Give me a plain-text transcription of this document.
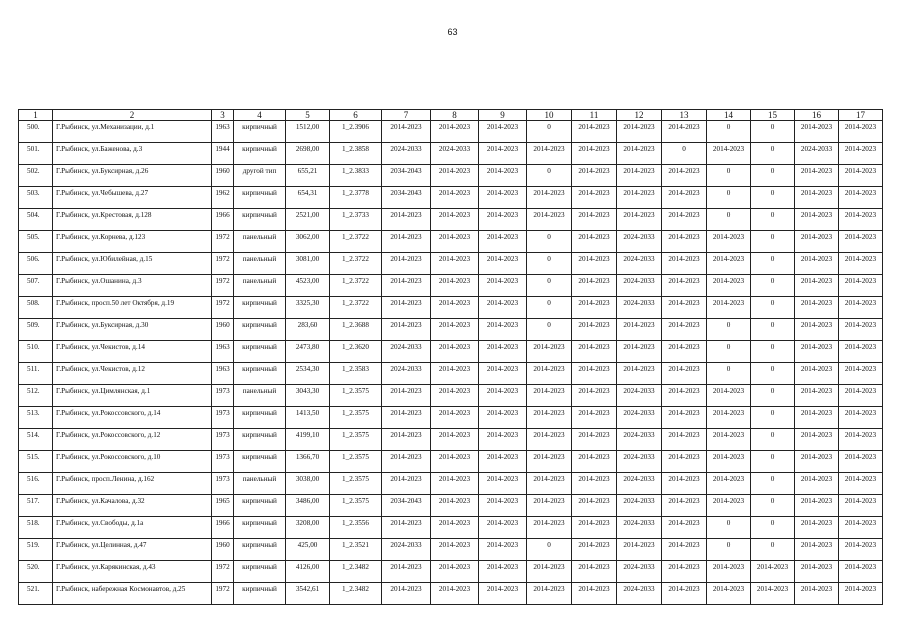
63
1	2	3	4	5	6	7	8	9	10	11	12	13	14	15	16	17
500.	Г.Рыбинск, ул.Механизации, д.1	1963	кирпичный	1512,00	1_2.3906	2014-2023	2014-2023	2014-2023	0	2014-2023	2014-2023	2014-2023	0	0	2014-2023	2014-2023
501.	Г.Рыбинск, ул.Баженова, д.3	1944	кирпичный	2698,00	1_2.3858	2024-2033	2024-2033	2014-2023	2014-2023	2014-2023	2014-2023	0	2014-2023	0	2024-2033	2014-2023
502.	Г.Рыбинск, ул.Буксирная, д.26	1960	другой тип	655,21	1_2.3833	2034-2043	2014-2023	2014-2023	0	2014-2023	2014-2023	2014-2023	0	0	2014-2023	2014-2023
503.	Г.Рыбинск, ул.Чебышева, д.27	1962	кирпичный	654,31	1_2.3778	2034-2043	2014-2023	2014-2023	2014-2023	2014-2023	2014-2023	2014-2023	0	0	2014-2023	2014-2023
504.	Г.Рыбинск, ул.Крестовая, д.128	1966	кирпичный	2521,00	1_2.3733	2014-2023	2014-2023	2014-2023	2014-2023	2014-2023	2014-2023	2014-2023	0	0	2014-2023	2014-2023
505.	Г.Рыбинск, ул.Корнева, д.123	1972	панельный	3062,00	1_2.3722	2014-2023	2014-2023	2014-2023	0	2014-2023	2024-2033	2014-2023	2014-2023	0	2014-2023	2014-2023
506.	Г.Рыбинск, ул.Юбилейная, д.15	1972	панельный	3081,00	1_2.3722	2014-2023	2014-2023	2014-2023	0	2014-2023	2024-2033	2014-2023	2014-2023	0	2014-2023	2014-2023
507.	Г.Рыбинск, ул.Ошанина, д.3	1972	панельный	4523,00	1_2.3722	2014-2023	2014-2023	2014-2023	0	2014-2023	2024-2033	2014-2023	2014-2023	0	2014-2023	2014-2023
508.	Г.Рыбинск, просп.50 лет Октября, д.19	1972	кирпичный	3325,30	1_2.3722	2014-2023	2014-2023	2014-2023	0	2014-2023	2024-2033	2014-2023	2014-2023	0	2014-2023	2014-2023
509.	Г.Рыбинск, ул.Буксирная, д.30	1960	кирпичный	283,60	1_2.3688	2014-2023	2014-2023	2014-2023	0	2014-2023	2014-2023	2014-2023	0	0	2014-2023	2014-2023
510.	Г.Рыбинск, ул.Чекистов, д.14	1963	кирпичный	2473,80	1_2.3620	2024-2033	2014-2023	2014-2023	2014-2023	2014-2023	2014-2023	2014-2023	0	0	2014-2023	2014-2023
511.	Г.Рыбинск, ул.Чекистов, д.12	1963	кирпичный	2534,30	1_2.3583	2024-2033	2014-2023	2014-2023	2014-2023	2014-2023	2014-2023	2014-2023	0	0	2014-2023	2014-2023
512.	Г.Рыбинск, ул.Цимлянская, д.1	1973	панельный	3043,30	1_2.3575	2014-2023	2014-2023	2014-2023	2014-2023	2014-2023	2024-2033	2014-2023	2014-2023	0	2014-2023	2014-2023
513.	Г.Рыбинск, ул.Рокоссовского, д.14	1973	кирпичный	1413,50	1_2.3575	2014-2023	2014-2023	2014-2023	2014-2023	2014-2023	2024-2033	2014-2023	2014-2023	0	2014-2023	2014-2023
514.	Г.Рыбинск, ул.Рокоссовского, д.12	1973	кирпичный	4199,10	1_2.3575	2014-2023	2014-2023	2014-2023	2014-2023	2014-2023	2024-2033	2014-2023	2014-2023	0	2014-2023	2014-2023
515.	Г.Рыбинск, ул.Рокоссовского, д.10	1973	кирпичный	1366,70	1_2.3575	2014-2023	2014-2023	2014-2023	2014-2023	2014-2023	2024-2033	2014-2023	2014-2023	0	2014-2023	2014-2023
516.	Г.Рыбинск, просп.Ленина, д.162	1973	панельный	3038,00	1_2.3575	2014-2023	2014-2023	2014-2023	2014-2023	2014-2023	2024-2033	2014-2023	2014-2023	0	2014-2023	2014-2023
517.	Г.Рыбинск, ул.Качалова, д.32	1965	кирпичный	3486,00	1_2.3575	2034-2043	2014-2023	2014-2023	2014-2023	2014-2023	2024-2033	2014-2023	2014-2023	0	2014-2023	2014-2023
518.	Г.Рыбинск, ул.Свободы, д.1а	1966	кирпичный	3208,00	1_2.3556	2014-2023	2014-2023	2014-2023	2014-2023	2014-2023	2024-2033	2014-2023	0	0	2014-2023	2014-2023
519.	Г.Рыбинск, ул.Целинная, д.47	1960	кирпичный	425,00	1_2.3521	2024-2033	2014-2023	2014-2023	0	2014-2023	2014-2023	2014-2023	0	0	2014-2023	2014-2023
520.	Г.Рыбинск, ул.Карякинская, д.43	1972	кирпичный	4126,00	1_2.3482	2014-2023	2014-2023	2014-2023	2014-2023	2014-2023	2024-2033	2014-2023	2014-2023	2014-2023	2014-2023	2014-2023
521.	Г.Рыбинск, набережная Космонавтов, д.25	1972	кирпичный	3542,61	1_2.3482	2014-2023	2014-2023	2014-2023	2014-2023	2014-2023	2024-2033	2014-2023	2014-2023	2014-2023	2014-2023	2014-2023
